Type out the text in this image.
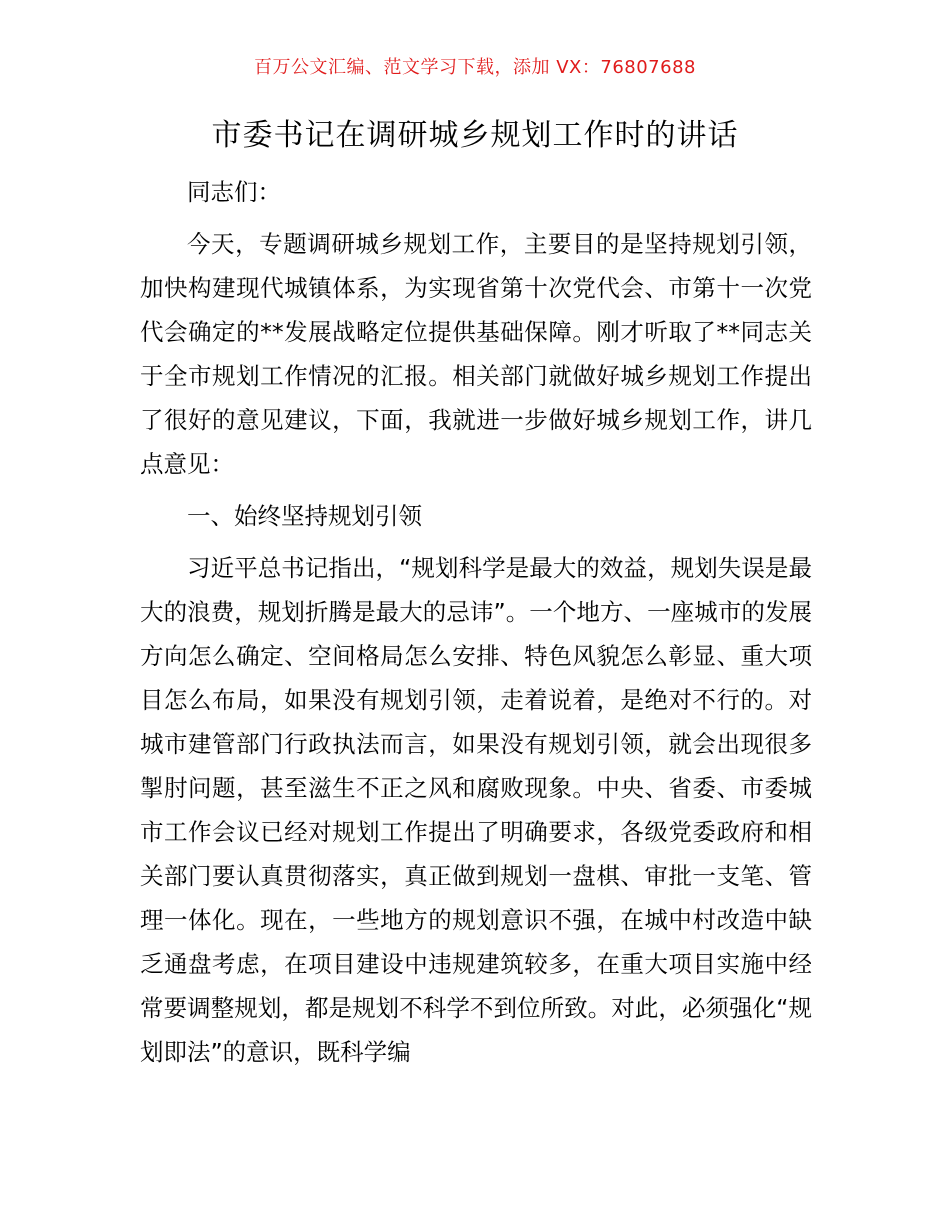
百万公文汇编、范文学习下载，添加 VX：76807688
市委书记在调研城乡规划工作时的讲话

同志们：

今天，专题调研城乡规划工作，主要目的是坚持规划引领，加快构建现代城镇体系，为实现省第十次党代会、市第十一次党代会确定的**发展战略定位提供基础保障。刚才听取了**同志关于全市规划工作情况的汇报。相关部门就做好城乡规划工作提出了很好的意见建议，下面，我就进一步做好城乡规划工作，讲几点意见：

一、始终坚持规划引领

习近平总书记指出，“规划科学是最大的效益，规划失误是最大的浪费，规划折腾是最大的忌讳”。一个地方、一座城市的发展方向怎么确定、空间格局怎么安排、特色风貌怎么彰显、重大项目怎么布局，如果没有规划引领，走着说着，是绝对不行的。对城市建管部门行政执法而言，如果没有规划引领，就会出现很多掣肘问题，甚至滋生不正之风和腐败现象。中央、省委、市委城市工作会议已经对规划工作提出了明确要求，各级党委政府和相关部门要认真贯彻落实，真正做到规划一盘棋、审批一支笔、管理一体化。现在，一些地方的规划意识不强，在城中村改造中缺乏通盘考虑，在项目建设中违规建筑较多，在重大项目实施中经常要调整规划，都是规划不科学不到位所致。对此，必须强化“规划即法”的意识，既科学编
